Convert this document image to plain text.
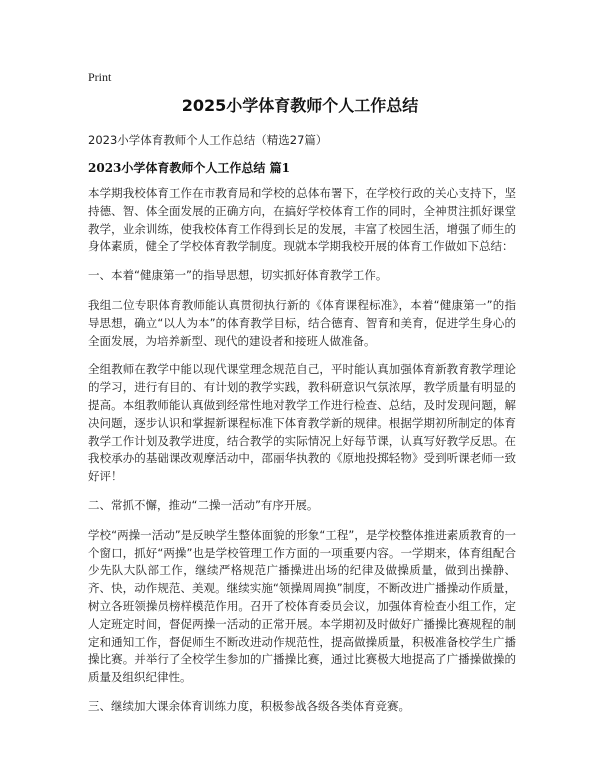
Print
2025小学体育教师个人工作总结
2023小学体育教师个人工作总结（精选27篇）
2023小学体育教师个人工作总结 篇1

本学期我校体育工作在市教育局和学校的总体布署下，在学校行政的关心支持下，坚持德、智、体全面发展的正确方向，在搞好学校体育工作的同时，全神贯注抓好课堂教学，业余训练，使我校体育工作得到长足的发展，丰富了校园生活，增强了师生的身体素质，健全了学校体育教学制度。现就本学期我校开展的体育工作做如下总结：

一、本着“健康第一”的指导思想，切实抓好体育教学工作。

我组二位专职体育教师能认真贯彻执行新的《体育课程标准》，本着“健康第一”的指导思想，确立“以人为本”的体育教学目标，结合德育、智育和美育，促进学生身心的全面发展，为培养新型、现代的建设者和接班人做准备。

全组教师在教学中能以现代课堂理念规范自己，平时能认真加强体育新教育教学理论的学习，进行有目的、有计划的教学实践，教科研意识气氛浓厚，教学质量有明显的提高。本组教师能认真做到经常性地对教学工作进行检查、总结，及时发现问题，解决问题，逐步认识和掌握新课程标准下体育教学新的规律。根据学期初所制定的体育教学工作计划及教学进度，结合教学的实际情况上好每节课，认真写好教学反思。在我校承办的基础课改观摩活动中，邵丽华执教的《原地投掷轻物》受到听课老师一致好评！

二、常抓不懈，推动“二操一活动”有序开展。

学校“两操一活动”是反映学生整体面貌的形象“工程”，是学校整体推进素质教育的一个窗口，抓好“两操”也是学校管理工作方面的一项重要内容。一学期来，体育组配合少先队大队部工作，继续严格规范广播操进出场的纪律及做操质量，做到出操静、齐、快，动作规范、美观。继续实施“领操周周换”制度，不断改进广播操动作质量，树立各班领操员榜样模范作用。召开了校体育委员会议，加强体育检查小组工作，定人定班定时间，督促两操一活动的正常开展。本学期初及时做好广播操比赛规程的制定和通知工作，督促师生不断改进动作规范性，提高做操质量，积极准备校学生广播操比赛。并举行了全校学生参加的广播操比赛，通过比赛极大地提高了广播操做操的质量及组织纪律性。

三、继续加大课余体育训练力度，积极参战各级各类体育竞赛。
